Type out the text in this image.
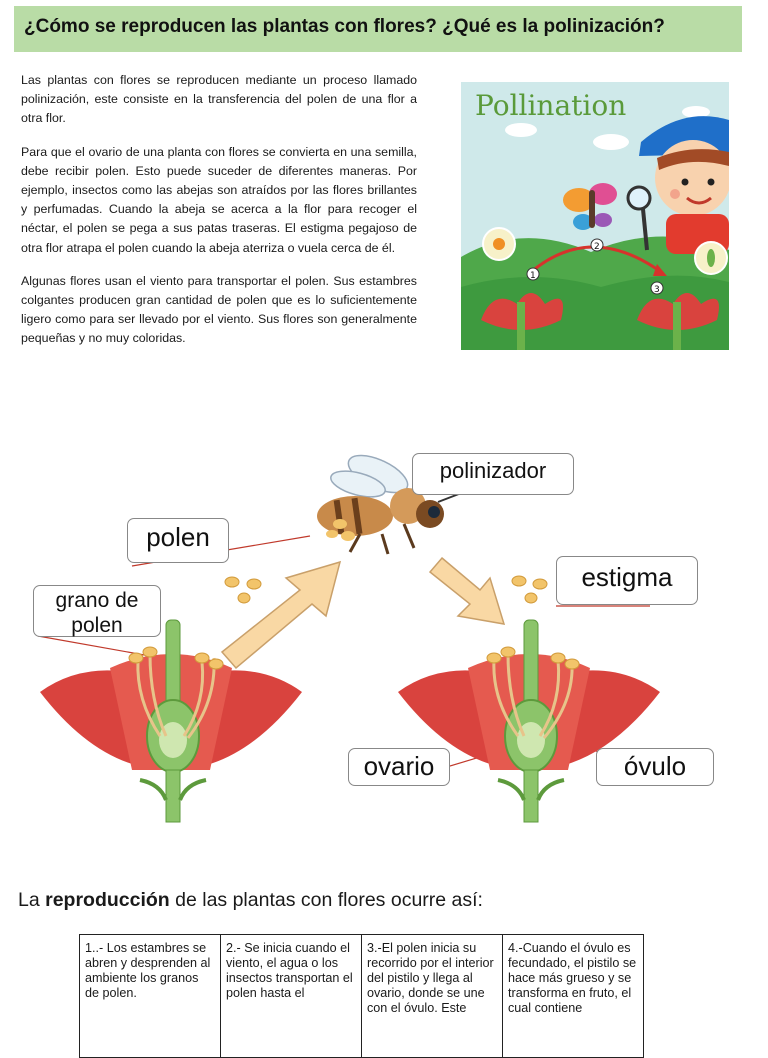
¿Cómo se reproducen las plantas con flores? ¿Qué es la polinización?

Las plantas con flores se reproducen mediante un proceso llamado polinización, este consiste en la transferencia del polen de una flor a otra flor.

Para que el ovario de una planta con flores se convierta en una semilla, debe recibir polen. Esto puede suceder de diferentes maneras. Por ejemplo, insectos como las abejas son atraídos por las flores brillantes y perfumadas. Cuando la abeja se acerca a la flor para recoger el néctar, el polen se pega a sus patas traseras. El estigma pegajoso de otra flor atrapa el polen cuando la abeja aterriza o vuela cerca de él.

Algunas flores usan el viento para transportar el polen. Sus estambres colgantes producen gran cantidad de polen que es lo suficientemente ligero como para ser llevado por el viento. Sus flores son generalmente pequeñas y no muy coloridas.

Pollination
1
2
3
polinizador
polen
grano de
polen
estigma
ovario	óvulo
La reproducción de las plantas con flores ocurre así:
1..- Los estambres se abren y desprenden al ambiente los granos de polen.	2.- Se inicia cuando el viento, el agua o los insectos transportan el polen hasta el	3.-El polen inicia su recorrido por el interior del pistilo y llega al ovario, donde se une con el óvulo. Este	4.-Cuando el óvulo es fecundado, el pistilo se hace más grueso y se transforma en fruto, el cual contiene
